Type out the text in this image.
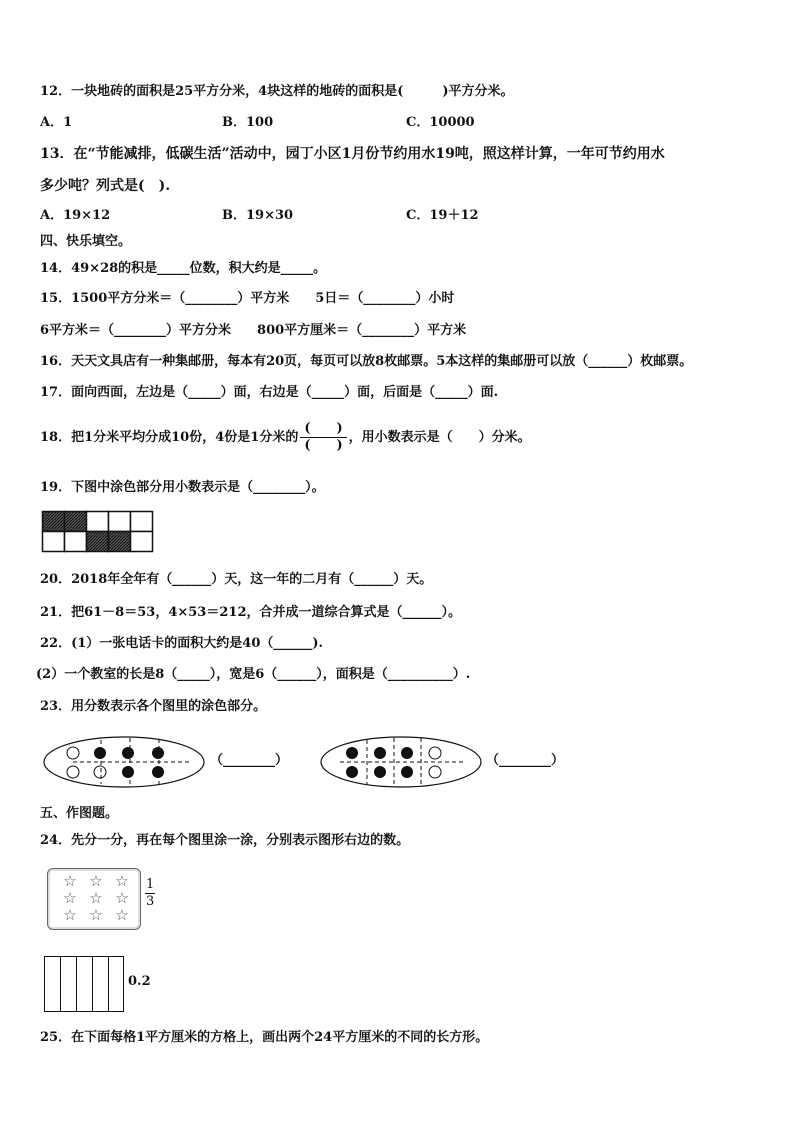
12．一块地砖的面积是25平方分米，4块这样的地砖的面积是(　　　)平方分米。
A．1	B．100	C．10000
13．在“节能减排，低碳生活”活动中，园丁小区1月份节约用水19吨，照这样计算，一年可节约用水
多少吨？列式是(　).
A．19×12	B．19×30	C．19＋12
四、快乐填空。
14．49×28的积是_____位数，积大约是_____。
15．1500平方分米＝（________）平方米　　5日＝（________）小时
6平方米＝（________）平方分米　　800平方厘米＝（________）平方米
16．天天文具店有一种集邮册，每本有20页，每页可以放8枚邮票。5本这样的集邮册可以放（______）枚邮票。
17．面向西面，左边是（_____）面，右边是（_____）面，后面是（_____）面.
18．把1分米平均分成10份，4份是1分米的 $\frac{( )}{( )}$ ，用小数表示是（　　）分米。
19．下图中涂色部分用小数表示是（________）。
20．2018年全年有（______）天，这一年的二月有（______）天。
21．把61－8＝53，4×53＝212，合并成一道综合算式是（______）。
22．(1）一张电话卡的面积大约是40（______).
(2）一个教室的长是8（_____），宽是6（______），面积是（__________）.
23．用分数表示各个图里的涂色部分。
（________）	（________）
五、作图题。
24．先分一分，再在每个图里涂一涂，分别表示图形右边的数。
☆ ☆ ☆
☆ ☆ ☆
☆ ☆ ☆
$\frac{1}{3}$
0.2
25．在下面每格1平方厘米的方格上，画出两个24平方厘米的不同的长方形。
